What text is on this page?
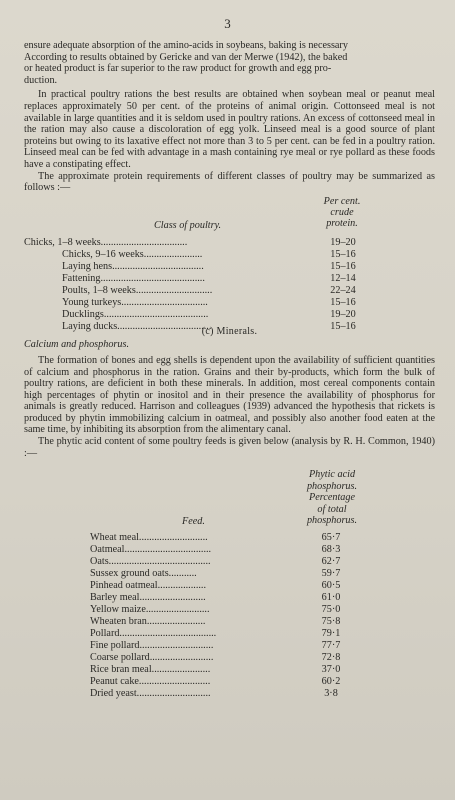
3

ensure adequate absorption of the amino-acids in soybeans, baking is necessary

According to results obtained by Gericke and van der Merwe (1942), the baked

or heated product is far superior to the raw product for growth and egg pro-

duction.

In practical poultry rations the best results are obtained when soybean meal or peanut meal replaces approximately 50 per cent. of the proteins of animal origin. Cottonseed meal is not available in large quantities and it is seldom used in poultry rations. An excess of cottonseed meal in the ration may also cause a discoloration of egg yolk. Linseed meal is a good source of plant proteins but owing to its laxative effect not more than 3 to 5 per cent. can be fed in a poultry ration. Linseed meal can be fed with advantage in a mash containing rye meal or rye pollard as these foods have a constipating effect.

The approximate protein requirements of different classes of poultry may be summarized as follows :—

Per cent.
crude
protein.
Class of poultry.
Chicks, 1–8 weeks..................................
Chicks, 9–16 weeks.......................
Laying hens....................................
Fattening.........................................
Poults, 1–8 weeks..............................
Young turkeys..................................
Ducklings.........................................
Laying ducks.....................................
19–20
15–16
15–16
12–14
22–24
15–16
19–20
15–16
(c) Minerals.

Calcium and phosphorus.

The formation of bones and egg shells is dependent upon the availability of sufficient quantities of calcium and phosphorus in the ration. Grains and their by-products, which form the bulk of poultry rations, are deficient in both these minerals. In addition, most cereal components contain high percentages of phytin or inositol and in their presence the availability of phosphorus for animals is greatly reduced. Harrison and colleagues (1939) advanced the hypothesis that rickets is produced by phytin immobilizing calcium in oatmeal, and possibly also another food eaten at the same time, by inhibiting its absorption from the alimentary canal.

The phytic acid content of some poultry feeds is given below (analysis by R. H. Common, 1940) :—

Phytic acid
phosphorus.
Percentage
of total
phosphorus.
Feed.
Wheat meal...........................
Oatmeal..................................
Oats........................................
Sussex ground oats...........
Pinhead oatmeal...................
Barley meal..........................
Yellow maize.........................
Wheaten bran.......................
Pollard......................................
Fine pollard.............................
Coarse pollard.........................
Rice bran meal.......................
Peanut cake............................
Dried yeast.............................
65·7
68·3
62·7
59·7
60·5
61·0
75·0
75·8
79·1
77·7
72·8
37·0
60·2
3·8
